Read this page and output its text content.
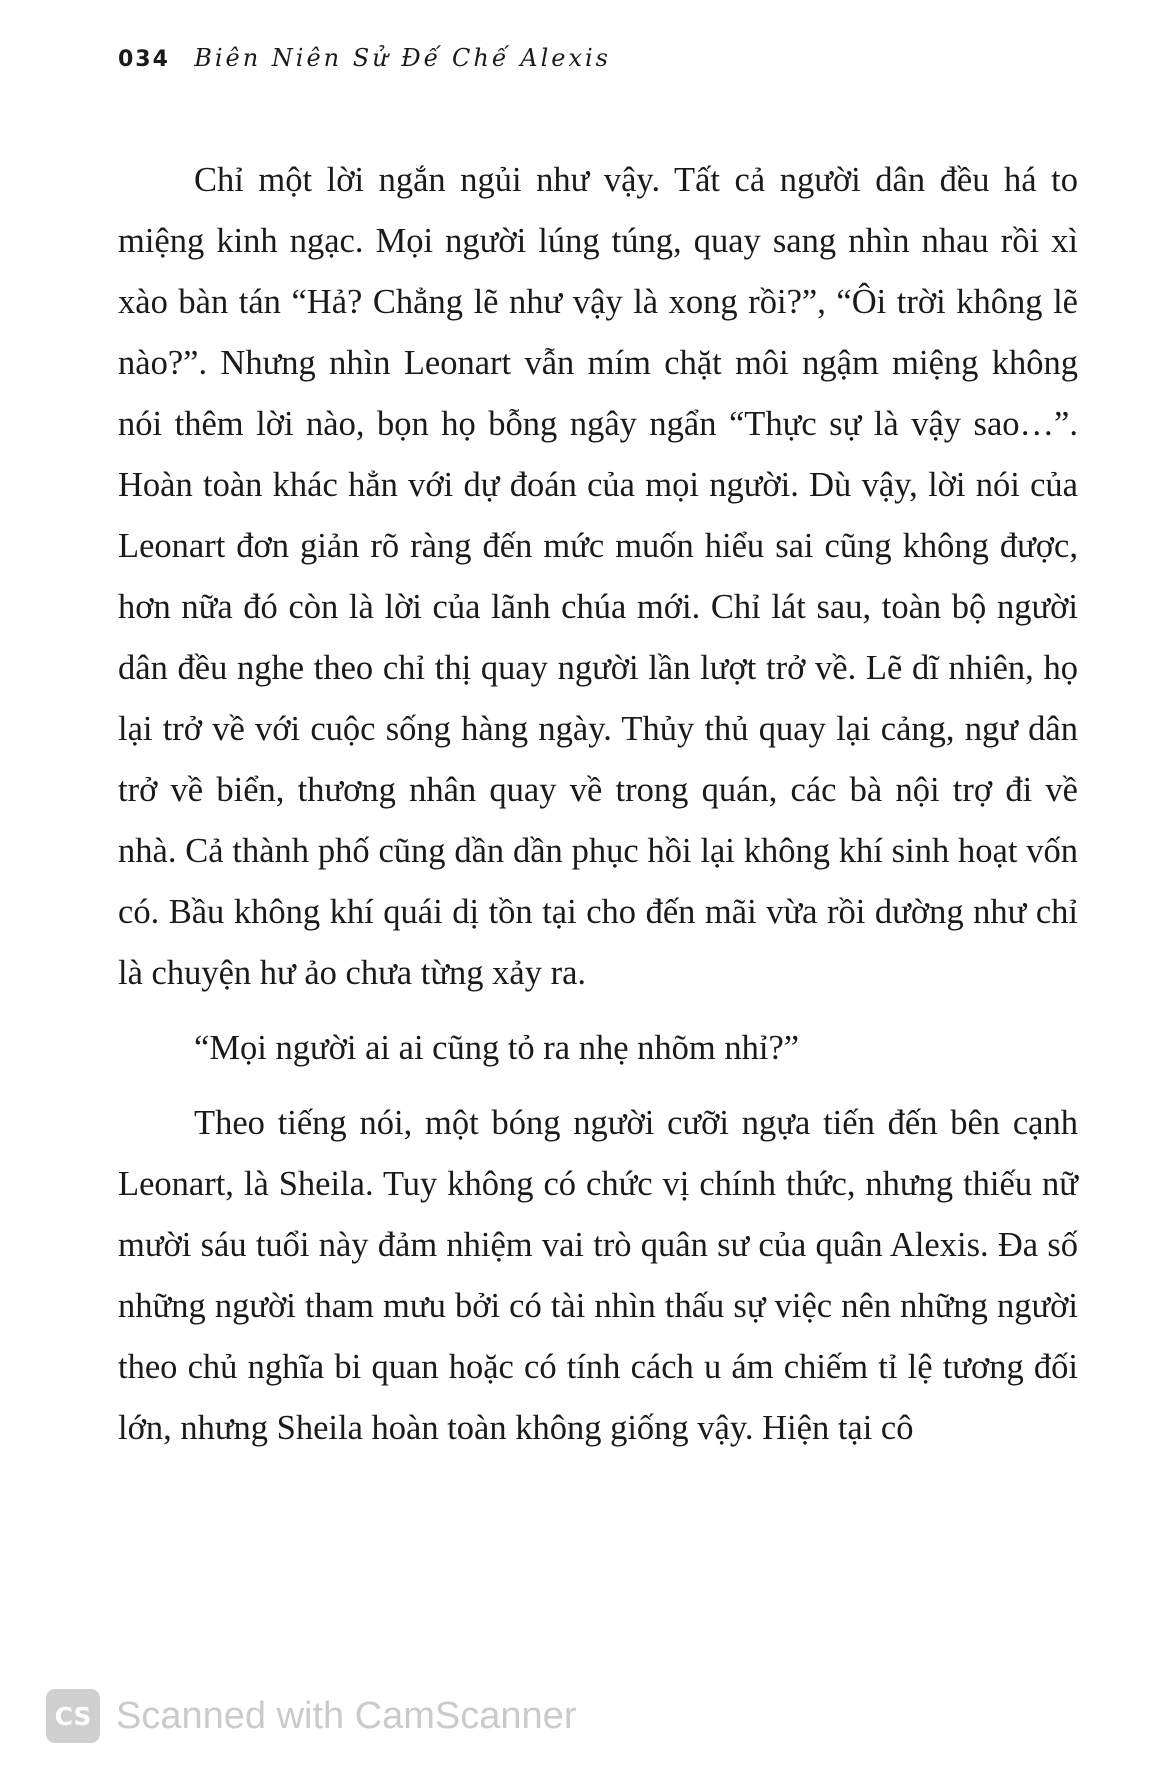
034 Biên Niên Sử Đế Chế Alexis

Chỉ một lời ngắn ngủi như vậy. Tất cả người dân đều há to miệng kinh ngạc. Mọi người lúng túng, quay sang nhìn nhau rồi xì xào bàn tán “Hả? Chẳng lẽ như vậy là xong rồi?”, “Ôi trời không lẽ nào?”. Nhưng nhìn Leonart vẫn mím chặt môi ngậm miệng không nói thêm lời nào, bọn họ bỗng ngây ngẩn “Thực sự là vậy sao…”. Hoàn toàn khác hẳn với dự đoán của mọi người. Dù vậy, lời nói của Leonart đơn giản rõ ràng đến mức muốn hiểu sai cũng không được, hơn nữa đó còn là lời của lãnh chúa mới. Chỉ lát sau, toàn bộ người dân đều nghe theo chỉ thị quay người lần lượt trở về. Lẽ dĩ nhiên, họ lại trở về với cuộc sống hàng ngày. Thủy thủ quay lại cảng, ngư dân trở về biển, thương nhân quay về trong quán, các bà nội trợ đi về nhà. Cả thành phố cũng dần dần phục hồi lại không khí sinh hoạt vốn có. Bầu không khí quái dị tồn tại cho đến mãi vừa rồi dường như chỉ là chuyện hư ảo chưa từng xảy ra.

“Mọi người ai ai cũng tỏ ra nhẹ nhõm nhỉ?”

Theo tiếng nói, một bóng người cưỡi ngựa tiến đến bên cạnh Leonart, là Sheila. Tuy không có chức vị chính thức, nhưng thiếu nữ mười sáu tuổi này đảm nhiệm vai trò quân sư của quân Alexis. Đa số những người tham mưu bởi có tài nhìn thấu sự việc nên những người theo chủ nghĩa bi quan hoặc có tính cách u ám chiếm tỉ lệ tương đối lớn, nhưng Sheila hoàn toàn không giống vậy. Hiện tại cô

CS Scanned with CamScanner
